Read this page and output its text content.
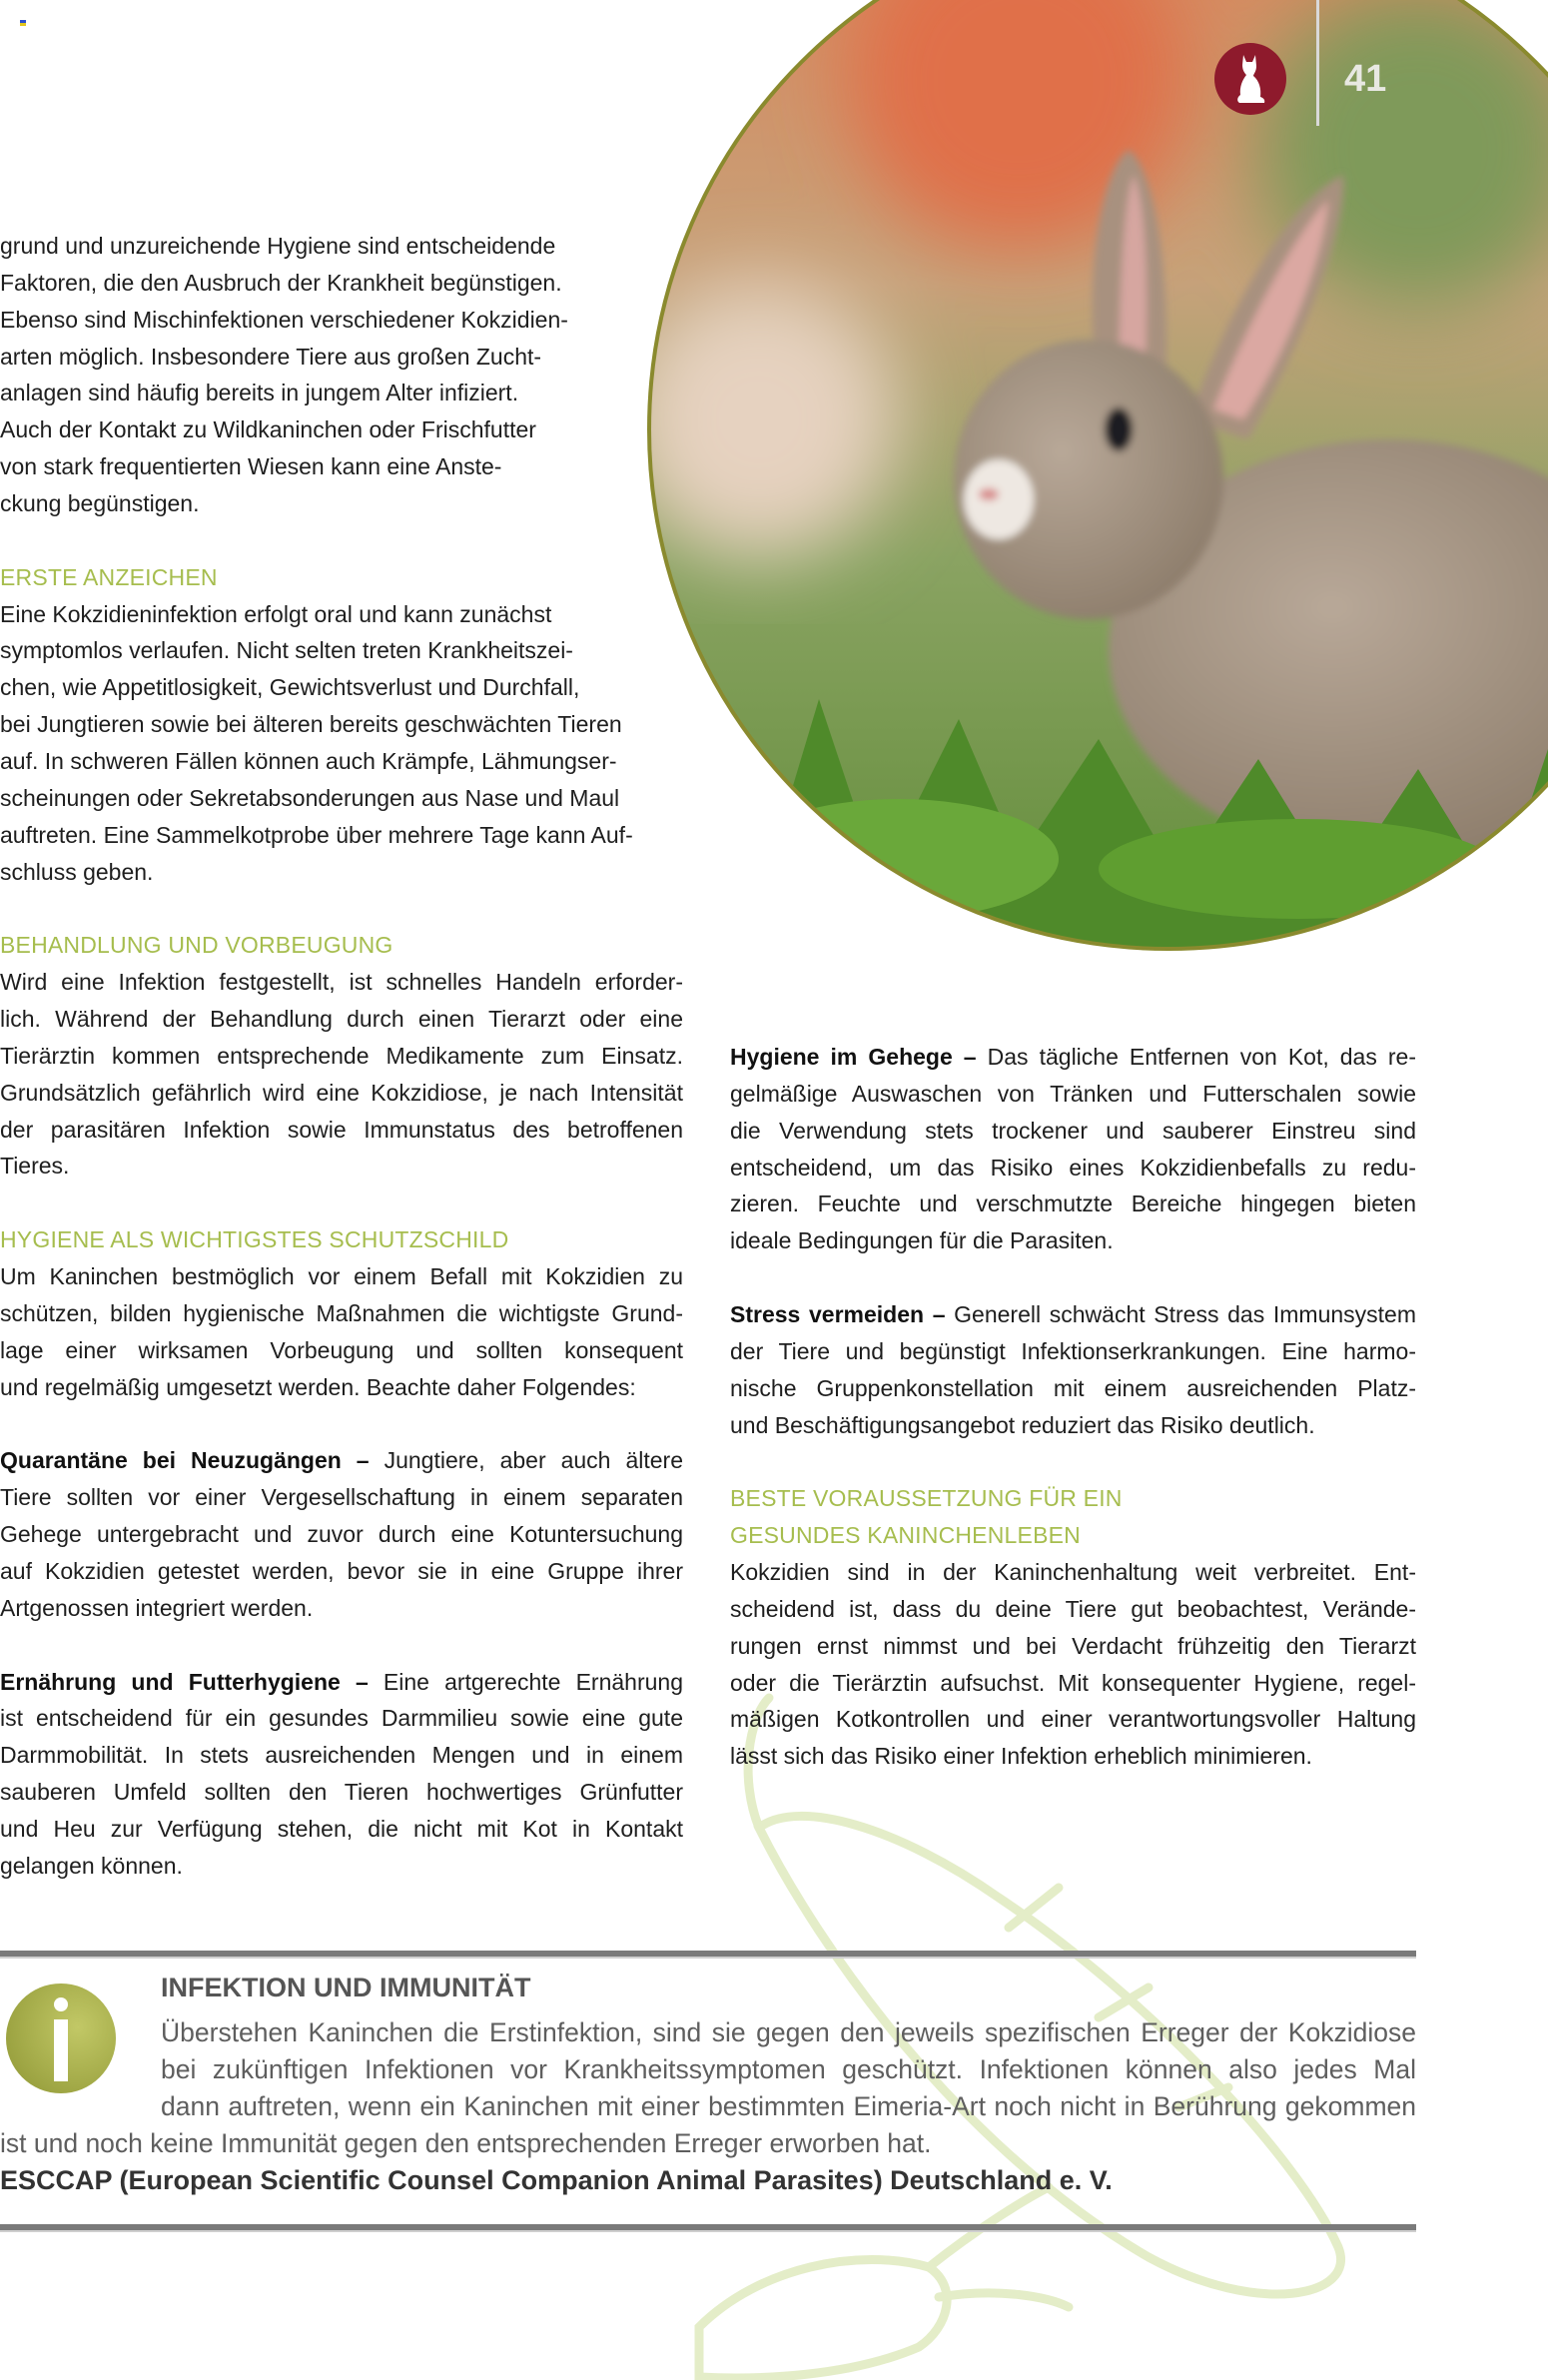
41
grund und unzureichende Hygiene sind entscheidende
Faktoren, die den Ausbruch der Krankheit begünstigen.
Ebenso sind Mischinfektionen verschiedener Kokzidien-
arten möglich. Insbesondere Tiere aus großen Zucht-
anlagen sind häufig bereits in jungem Alter infiziert.
Auch der Kontakt zu Wildkaninchen oder Frischfutter
von stark frequentierten Wiesen kann eine Anste-
ckung begünstigen.
ERSTE ANZEICHEN
Eine Kokzidieninfektion erfolgt oral und kann zunächst
symptomlos verlaufen. Nicht selten treten Krankheitszei-
chen, wie Appetitlosigkeit, Gewichtsverlust und Durchfall,
bei Jungtieren sowie bei älteren bereits geschwächten Tieren
auf. In schweren Fällen können auch Krämpfe, Lähmungser-
scheinungen oder Sekretabsonderungen aus Nase und Maul
auftreten. Eine Sammelkotprobe über mehrere Tage kann Auf-
schluss geben.
BEHANDLUNG UND VORBEUGUNG
Wird eine Infektion festgestellt, ist schnelles Handeln erforder-
lich. Während der Behandlung durch einen Tierarzt oder eine
Tierärztin kommen entsprechende Medikamente zum Einsatz.
Grundsätzlich gefährlich wird eine Kokzidiose, je nach Intensität
der parasitären Infektion sowie Immunstatus des betroffenen
Tieres.
HYGIENE ALS WICHTIGSTES SCHUTZSCHILD
Um Kaninchen bestmöglich vor einem Befall mit Kokzidien zu
schützen, bilden hygienische Maßnahmen die wichtigste Grund-
lage einer wirksamen Vorbeugung und sollten konsequent
und regelmäßig umgesetzt werden. Beachte daher Folgendes:
Quarantäne bei Neuzugängen – Jungtiere, aber auch ältere
Tiere sollten vor einer Vergesellschaftung in einem separaten
Gehege untergebracht und zuvor durch eine Kotuntersuchung
auf Kokzidien getestet werden, bevor sie in eine Gruppe ihrer
Artgenossen integriert werden.
Ernährung und Futterhygiene – Eine artgerechte Ernährung
ist entscheidend für ein gesundes Darmmilieu sowie eine gute
Darmmobilität. In stets ausreichenden Mengen und in einem
sauberen Umfeld sollten den Tieren hochwertiges Grünfutter
und Heu zur Verfügung stehen, die nicht mit Kot in Kontakt
gelangen können.
Hygiene im Gehege – Das tägliche Entfernen von Kot, das re-
gelmäßige Auswaschen von Tränken und Futterschalen sowie
die Verwendung stets trockener und sauberer Einstreu sind
entscheidend, um das Risiko eines Kokzidienbefalls zu redu-
zieren. Feuchte und verschmutzte Bereiche hingegen bieten
ideale Bedingungen für die Parasiten.
Stress vermeiden – Generell schwächt Stress das Immunsystem
der Tiere und begünstigt Infektionserkrankungen. Eine harmo-
nische Gruppenkonstellation mit einem ausreichenden Platz-
und Beschäftigungsangebot reduziert das Risiko deutlich.
BESTE VORAUSSETZUNG FÜR EIN
GESUNDES KANINCHENLEBEN
Kokzidien sind in der Kaninchenhaltung weit verbreitet. Ent-
scheidend ist, dass du deine Tiere gut beobachtest, Verände-
rungen ernst nimmst und bei Verdacht frühzeitig den Tierarzt
oder die Tierärztin aufsuchst. Mit konsequenter Hygiene, regel-
mäßigen Kotkontrollen und einer verantwortungsvoller Haltung
lässt sich das Risiko einer Infektion erheblich minimieren.
INFEKTION UND IMMUNITÄT
Überstehen Kaninchen die Erstinfektion, sind sie gegen den jeweils spezifischen Erreger der Kokzidiose
bei zukünftigen Infektionen vor Krankheitssymptomen geschützt. Infektionen können also jedes Mal
dann auftreten, wenn ein Kaninchen mit einer bestimmten Eimeria-Art noch nicht in Berührung gekommen
ist und noch keine Immunität gegen den entsprechenden Erreger erworben hat.
ESCCAP (European Scientific Counsel Companion Animal Parasites) Deutschland e. V.
